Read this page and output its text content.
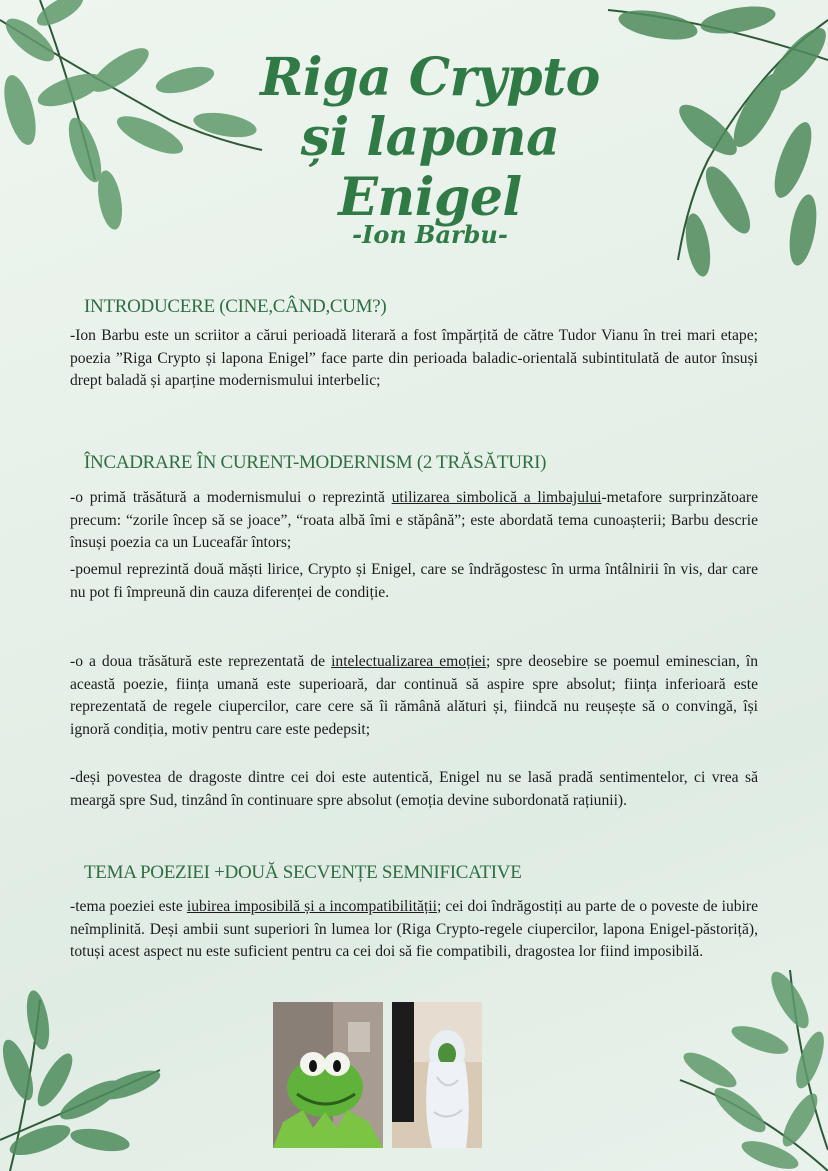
Riga Crypto și lapona Enigel
-Ion Barbu-
INTRODUCERE (CINE,CÂND,CUM?)
-Ion Barbu este un scriitor a cărui perioadă literară a fost împărțită de către Tudor Vianu în trei mari etape; poezia ”Riga Crypto și lapona Enigel” face parte din perioada baladic-orientală subintitulată de autor însuși drept baladă și aparține modernismului interbelic;
ÎNCADRARE ÎN CURENT-MODERNISM (2 TRĂSĂTURI)
-o primă trăsătură a modernismului o reprezintă utilizarea simbolică a limbajului-metafore surprinzătoare precum: “zorile încep să se joace”, “roata albă îmi e stăpână”; este abordată tema cunoașterii; Barbu descrie însuși poezia ca un Luceafăr întors;
-poemul reprezintă două măști lirice, Crypto și Enigel, care se îndrăgostesc în urma întâlnirii în vis, dar care nu pot fi împreună din cauza diferenței de condiție.
-o a doua trăsătură este reprezentată de intelectualizarea emoției; spre deosebire se poemul eminescian, în această poezie, ființa umană este superioară, dar continuă să aspire spre absolut; ființa inferioară este reprezentată de regele ciupercilor, care cere să îi rămână alături și, fiindcă nu reușește să o convingă, își ignoră condiția, motiv pentru care este pedepsit;
-deși povestea de dragoste dintre cei doi este autentică, Enigel nu se lasă pradă sentimentelor, ci vrea să meargă spre Sud, tinzând în continuare spre absolut (emoția devine subordonată rațiunii).
TEMA POEZIEI +DOUĂ SECVENȚE SEMNIFICATIVE
-tema poeziei este iubirea imposibilă și a incompatibilității; cei doi îndrăgostiți au parte de o poveste de iubire neîmplinită. Deși ambii sunt superiori în lumea lor (Riga Crypto-regele ciupercilor, lapona Enigel-păstoriță), totuși acest aspect nu este suficient pentru ca cei doi să fie compatibili, dragostea lor fiind imposibilă.
